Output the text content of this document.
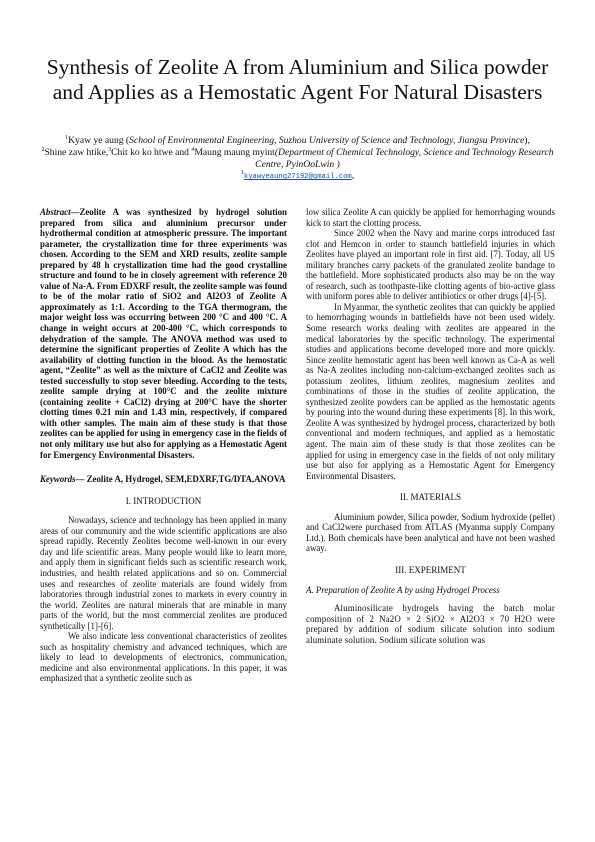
Synthesis of Zeolite A from Aluminium and Silica powder and Applies as a Hemostatic Agent For Natural Disasters
$^1$Kyaw ye aung (School of Environmental Engineering, Suzhou University of Science and Technology, Jiangsu Province),
$^2$Shine zaw htike,$^3$Chit ko ko htwe and $^4$Maung maung myint(Department of Chemical Technology, Science and Technology Research Centre, PyinOoLwin )
$^1$kyawyeaung27192@gmail.com,

Abstract—Zeolite A was synthesized by hydrogel solution prepared from silica and aluminium precursor under hydrothermal condition at atmospheric pressure. The important parameter, the crystallization time for three experiments was chosen. According to the SEM and XRD results, zeolite sample prepared by 48 h crystallization time had the good crystalline structure and found to be in closely agreement with reference 20 value of Na-A. From EDXRF result, the zeolite sample was found to be of the molar ratio of SiO2 and Al2O3 of Zeolite A approximately as 1:1. According to the TGA thermogram, the major weight loss was occurring between 200 °C and 400 °C. A change in weight occurs at 200-400 °C, which corresponds to dehydration of the sample. The ANOVA method was used to determine the significant properties of Zeolite A which has the availability of clotting function in the blood. As the hemostatic agent, “Zeolite” as well as the mixture of CaCl2 and Zeolite was tested successfully to stop sever bleeding. According to the tests, zeolite sample drying at 100°C and the zeolite mixture (containing zeolite + CaCl2) drying at 200°C have the shorter clotting times 0.21 min and 1.43 min, respectively, if compared with other samples. The main aim of these study is that those zeolites can be applied for using in emergency case in the fields of not only military use but also for applying as a Hemostatic Agent for Emergency Environmental Disasters.

Keywords— Zeolite A, Hydrogel, SEM,EDXRF,TG/DTA,ANOVA

I. INTRODUCTION

Nowadays, science and technology has been applied in many areas of our community and the wide scientific applications are also spread rapidly. Recently Zeolites become well-known in our every day and life scientific areas. Many people would like to learn more, and apply them in significant fields such as scientific research work, industries, and health related applications and so on. Commercial uses and researches of zeolite materials are found widely from laboratories through industrial zones to markets in every country in the world. Zeolites are natural minerals that are minable in many parts of the world, but the most commercial zeolites are produced synthetically [1]-[6].

We also indicate less conventional characteristics of zeolites such as hospitality chemistry and advanced techniques, which are likely to lead to developments of electronics, communication, medicine and also environmental applications. In this paper, it was emphasized that a synthetic zeolite such as

low silica Zeolite A can quickly be applied for hemorrhaging wounds kick to start the clotting process.

Since 2002 when the Navy and marine corps introduced fast clot and Hemcon in order to staunch battlefield injuries in which Zeolites have played an important role in first aid. [7]. Today, all US military branches carry packets of the granulated zeolite bandage to the battlefield. More sophisticated products also may be on the way of research, such as toothpaste-like clotting agents of bio-active glass with uniform pores able to deliver antibiotics or other drugs [4]-[5].

In Myanmar, the synthetic zeolites that can quickly be applied to hemorrhaging wounds in battlefields have not been used widely. Some research works dealing with zeolites are appeared in the medical laboratories by the specific technology. The experimental studies and applications become developed more and more quickly. Since zeolite hemostatic agent has been well known as Ca-A as well as Na-A zeolites including non-calcium-exchanged zeolites such as potassium zeolites, lithium zeolites, magnesium zeolites and combinations of those in the studies of zeolite application, the synthesized zeolite powders can be applied as the hemostatic agents by pouring into the wound during these experiments [8]. In this work, Zeolite A was synthesized by hydrogel process, characterized by both conventional and modern techniques, and applied as a hemostatic agent. The main aim of these study is that those zeolites can be applied for using in emergency case in the fields of not only military use but also for applying as a Hemostatic Agent for Emergency Environmental Disasters.

II. MATERIALS

Aluminium powder, Silica powder, Sodium hydroxide (pellet) and CaCl2were purchased from ATLAS (Myanma supply Company Ltd.). Both chemicals have been analytical and have not been washed away.

III. EXPERIMENT

A. Preparation of Zeolite A by using Hydrogel Process

Aluminosilicate hydrogels having the batch molar composition of 2 Na2O × 2 SiO2 × Al2O3 × 70 H2O were prepared by addition of sodium silicate solution into sodium aluminate solution. Sodium silicate solution was
